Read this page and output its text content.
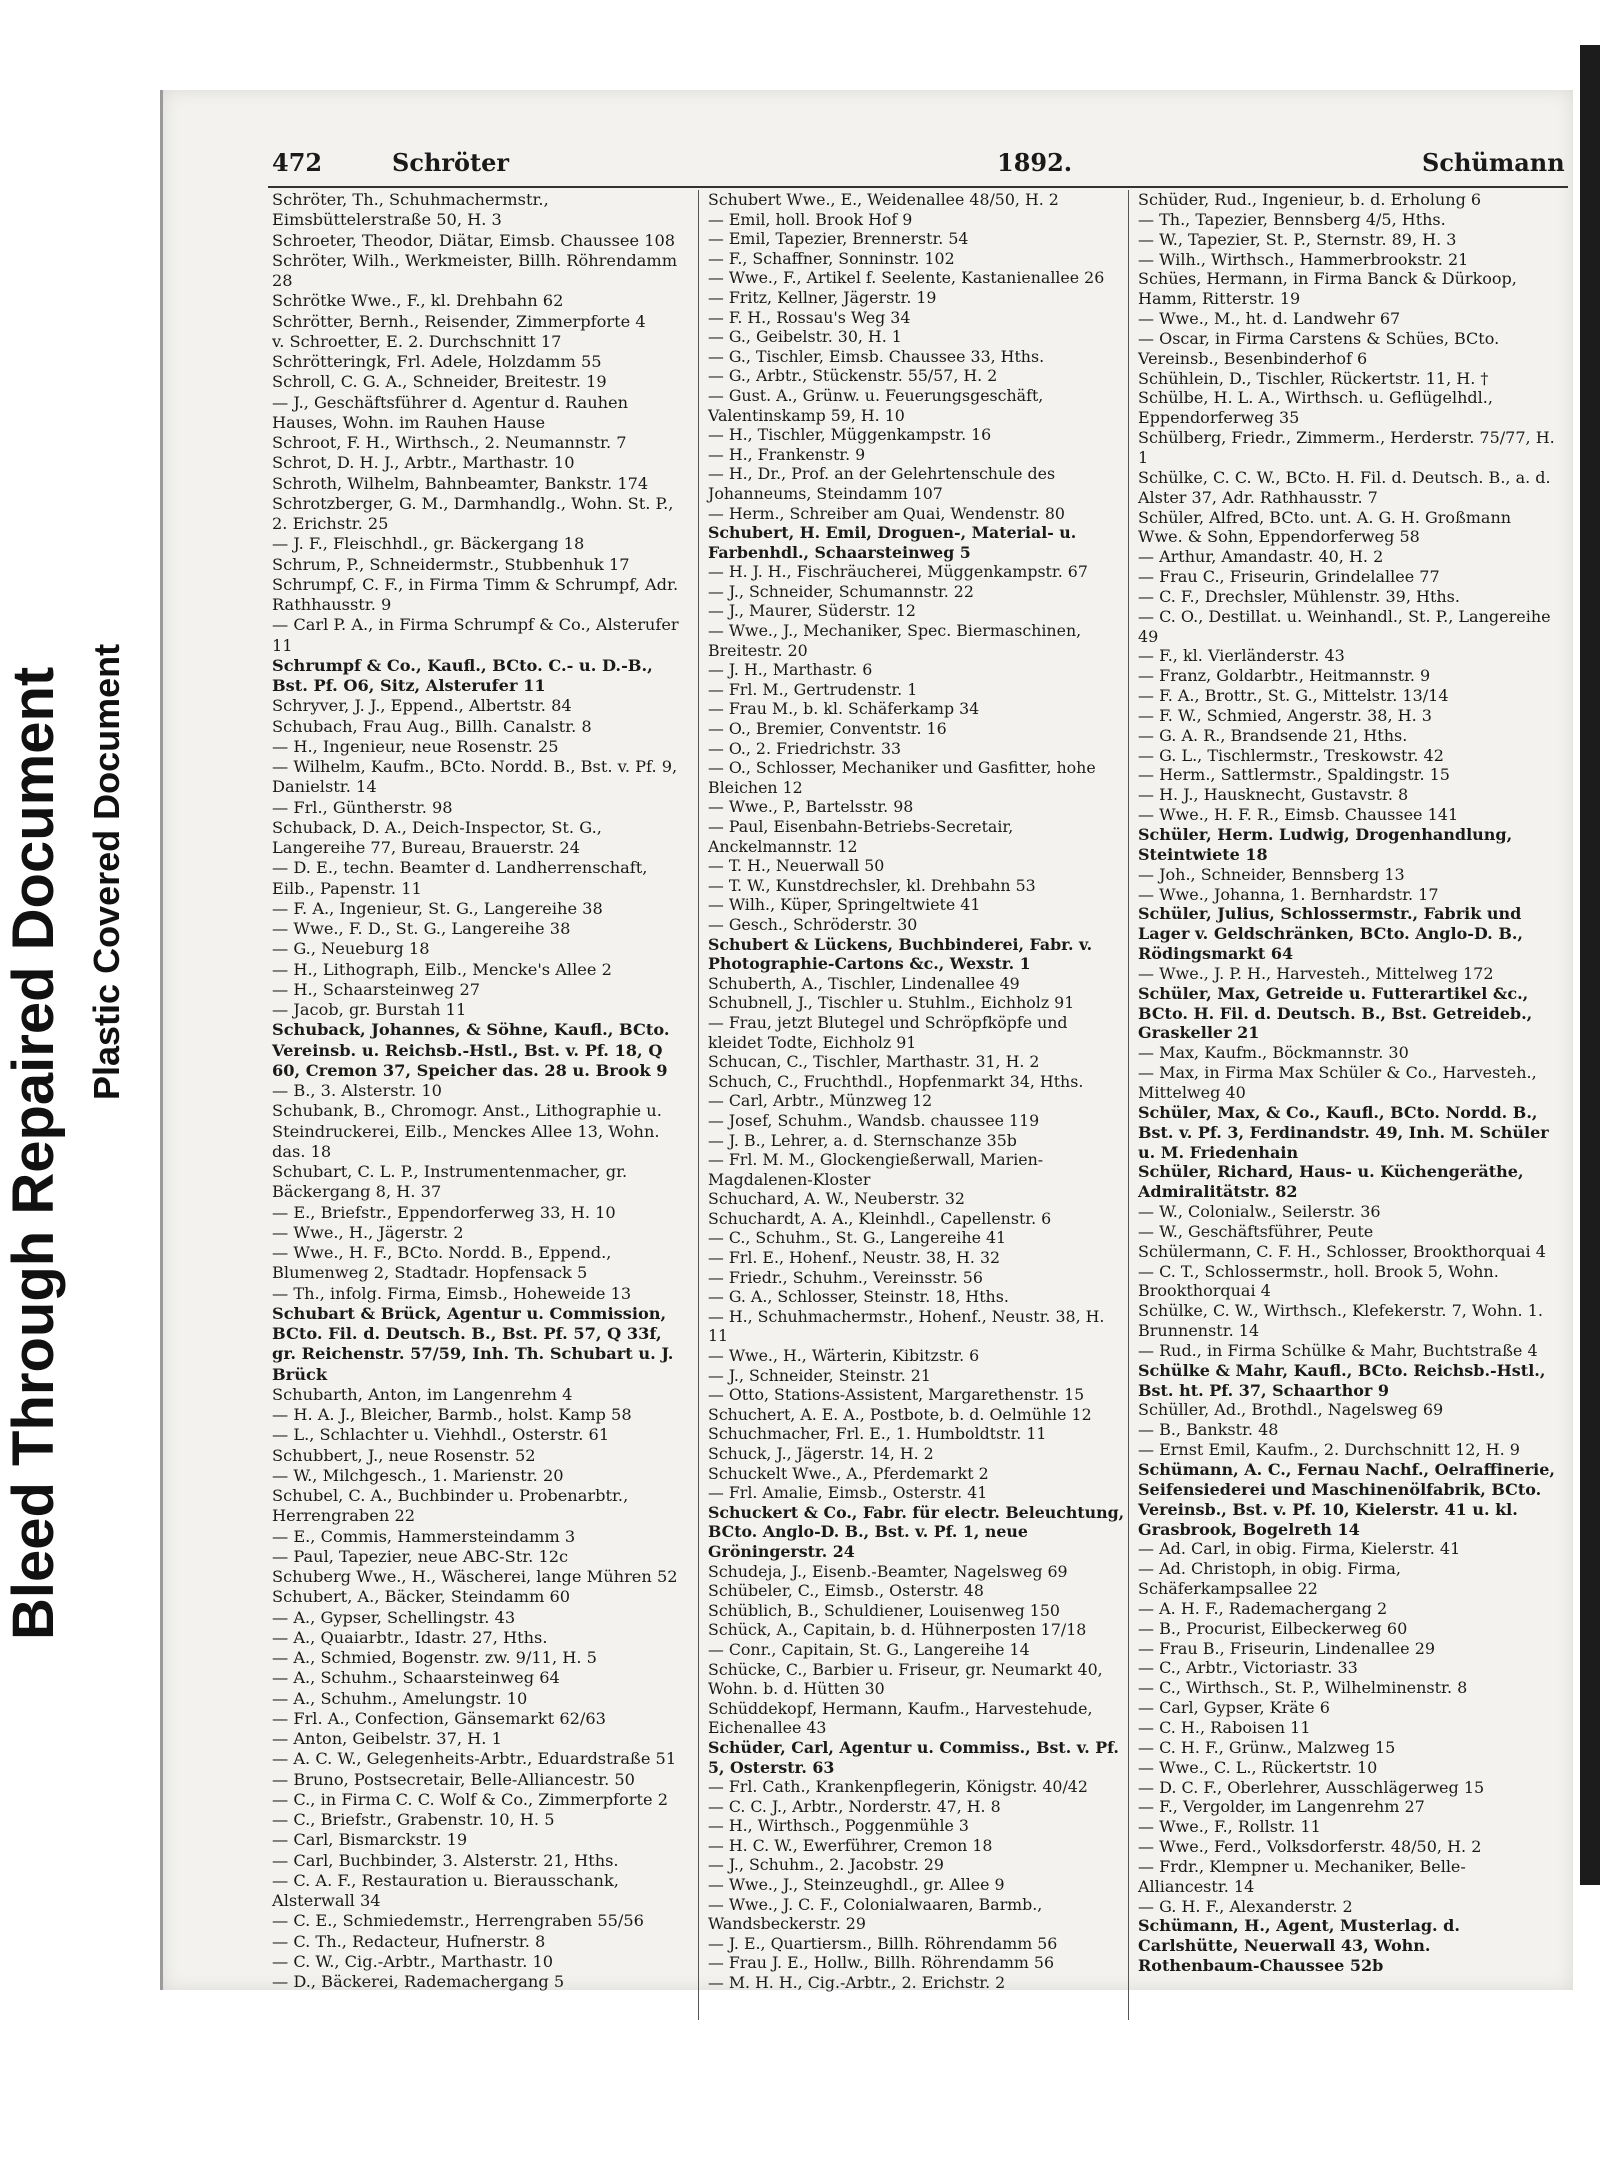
Bleed Through Repaired Document Plastic Covered Document
472	Schröter	1892.	Schümann
Schröter, Th., Schuhmachermstr., Eimsbüttelerstraße 50, H. 3
Schroeter, Theodor, Diätar, Eimsb. Chaussee 108
Schröter, Wilh., Werkmeister, Billh. Röhrendamm 28
Schrötke Wwe., F., kl. Drehbahn 62
Schrötter, Bernh., Reisender, Zimmerpforte 4
v. Schroetter, E. 2. Durchschnitt 17
Schrötteringk, Frl. Adele, Holzdamm 55
Schroll, C. G. A., Schneider, Breitestr. 19
— J., Geschäftsführer d. Agentur d. Rauhen Hauses, Wohn. im Rauhen Hause
Schroot, F. H., Wirthsch., 2. Neumannstr. 7
Schrot, D. H. J., Arbtr., Marthastr. 10
Schroth, Wilhelm, Bahnbeamter, Bankstr. 174
Schrotzberger, G. M., Darmhandlg., Wohn. St. P., 2. Erichstr. 25
— J. F., Fleischhdl., gr. Bäckergang 18
Schrum, P., Schneidermstr., Stubbenhuk 17
Schrumpf, C. F., in Firma Timm & Schrumpf, Adr. Rathhausstr. 9
— Carl P. A., in Firma Schrumpf & Co., Alsterufer 11
Schrumpf & Co., Kaufl., BCto. C.- u. D.-B., Bst. Pf. O6, Sitz, Alsterufer 11
Schryver, J. J., Eppend., Albertstr. 84
Schubach, Frau Aug., Billh. Canalstr. 8
— H., Ingenieur, neue Rosenstr. 25
— Wilhelm, Kaufm., BCto. Nordd. B., Bst. v. Pf. 9, Danielstr. 14
— Frl., Güntherstr. 98
Schuback, D. A., Deich-Inspector, St. G., Langereihe 77, Bureau, Brauerstr. 24
— D. E., techn. Beamter d. Landherrenschaft, Eilb., Papenstr. 11
— F. A., Ingenieur, St. G., Langereihe 38
— Wwe., F. D., St. G., Langereihe 38
— G., Neueburg 18
— H., Lithograph, Eilb., Mencke's Allee 2
— H., Schaarsteinweg 27
— Jacob, gr. Burstah 11
Schuback, Johannes, & Söhne, Kaufl., BCto. Vereinsb. u. Reichsb.-Hstl., Bst. v. Pf. 18, Q 60, Cremon 37, Speicher das. 28 u. Brook 9
— B., 3. Alsterstr. 10
Schubank, B., Chromogr. Anst., Lithographie u. Steindruckerei, Eilb., Menckes Allee 13, Wohn. das. 18
Schubart, C. L. P., Instrumentenmacher, gr. Bäckergang 8, H. 37
— E., Briefstr., Eppendorferweg 33, H. 10
— Wwe., H., Jägerstr. 2
— Wwe., H. F., BCto. Nordd. B., Eppend., Blumenweg 2, Stadtadr. Hopfensack 5
— Th., infolg. Firma, Eimsb., Hoheweide 13
Schubart & Brück, Agentur u. Commission, BCto. Fil. d. Deutsch. B., Bst. Pf. 57, Q 33f, gr. Reichenstr. 57/59, Inh. Th. Schubart u. J. Brück
Schubarth, Anton, im Langenrehm 4
— H. A. J., Bleicher, Barmb., holst. Kamp 58
— L., Schlachter u. Viehhdl., Osterstr. 61
Schubbert, J., neue Rosenstr. 52
— W., Milchgesch., 1. Marienstr. 20
Schubel, C. A., Buchbinder u. Probenarbtr., Herrengraben 22
— E., Commis, Hammersteindamm 3
— Paul, Tapezier, neue ABC-Str. 12c
Schuberg Wwe., H., Wäscherei, lange Mühren 52
Schubert, A., Bäcker, Steindamm 60
— A., Gypser, Schellingstr. 43
— A., Quaiarbtr., Idastr. 27, Hths.
— A., Schmied, Bogenstr. zw. 9/11, H. 5
— A., Schuhm., Schaarsteinweg 64
— A., Schuhm., Amelungstr. 10
— Frl. A., Confection, Gänsemarkt 62/63
— Anton, Geibelstr. 37, H. 1
— A. C. W., Gelegenheits-Arbtr., Eduardstraße 51
— Bruno, Postsecretair, Belle-Alliancestr. 50
— C., in Firma C. C. Wolf & Co., Zimmerpforte 2
— C., Briefstr., Grabenstr. 10, H. 5
— Carl, Bismarckstr. 19
— Carl, Buchbinder, 3. Alsterstr. 21, Hths.
— C. A. F., Restauration u. Bierausschank, Alsterwall 34
— C. E., Schmiedemstr., Herrengraben 55/56
— C. Th., Redacteur, Hufnerstr. 8
— C. W., Cig.-Arbtr., Marthastr. 10
— D., Bäckerei, Rademachergang 5
Schubert Wwe., E., Weidenallee 48/50, H. 2
— Emil, holl. Brook Hof 9
— Emil, Tapezier, Brennerstr. 54
— F., Schaffner, Sonninstr. 102
— Wwe., F., Artikel f. Seelente, Kastanienallee 26
— Fritz, Kellner, Jägerstr. 19
— F. H., Rossau's Weg 34
— G., Geibelstr. 30, H. 1
— G., Tischler, Eimsb. Chaussee 33, Hths.
— G., Arbtr., Stückenstr. 55/57, H. 2
— Gust. A., Grünw. u. Feuerungsgeschäft, Valentinskamp 59, H. 10
— H., Tischler, Müggenkampstr. 16
— H., Frankenstr. 9
— H., Dr., Prof. an der Gelehrtenschule des Johanneums, Steindamm 107
— Herm., Schreiber am Quai, Wendenstr. 80
Schubert, H. Emil, Droguen-, Material- u. Farbenhdl., Schaarsteinweg 5
— H. J. H., Fischräucherei, Müggenkampstr. 67
— J., Schneider, Schumannstr. 22
— J., Maurer, Süderstr. 12
— Wwe., J., Mechaniker, Spec. Biermaschinen, Breitestr. 20
— J. H., Marthastr. 6
— Frl. M., Gertrudenstr. 1
— Frau M., b. kl. Schäferkamp 34
— O., Bremier, Conventstr. 16
— O., 2. Friedrichstr. 33
— O., Schlosser, Mechaniker und Gasfitter, hohe Bleichen 12
— Wwe., P., Bartelsstr. 98
— Paul, Eisenbahn-Betriebs-Secretair, Anckelmannstr. 12
— T. H., Neuerwall 50
— T. W., Kunstdrechsler, kl. Drehbahn 53
— Wilh., Küper, Springeltwiete 41
— Gesch., Schröderstr. 30
Schubert & Lückens, Buchbinderei, Fabr. v. Photographie-Cartons &c., Wexstr. 1
Schuberth, A., Tischler, Lindenallee 49
Schubnell, J., Tischler u. Stuhlm., Eichholz 91
— Frau, jetzt Blutegel und Schröpfköpfe und kleidet Todte, Eichholz 91
Schucan, C., Tischler, Marthastr. 31, H. 2
Schuch, C., Fruchthdl., Hopfenmarkt 34, Hths.
— Carl, Arbtr., Münzweg 12
— Josef, Schuhm., Wandsb. chaussee 119
— J. B., Lehrer, a. d. Sternschanze 35b
— Frl. M. M., Glockengießerwall, Marien-Magdalenen-Kloster
Schuchard, A. W., Neuberstr. 32
Schuchardt, A. A., Kleinhdl., Capellenstr. 6
— C., Schuhm., St. G., Langereihe 41
— Frl. E., Hohenf., Neustr. 38, H. 32
— Friedr., Schuhm., Vereinsstr. 56
— G. A., Schlosser, Steinstr. 18, Hths.
— H., Schuhmachermstr., Hohenf., Neustr. 38, H. 11
— Wwe., H., Wärterin, Kibitzstr. 6
— J., Schneider, Steinstr. 21
— Otto, Stations-Assistent, Margarethenstr. 15
Schuchert, A. E. A., Postbote, b. d. Oelmühle 12
Schuchmacher, Frl. E., 1. Humboldtstr. 11
Schuck, J., Jägerstr. 14, H. 2
Schuckelt Wwe., A., Pferdemarkt 2
— Frl. Amalie, Eimsb., Osterstr. 41
Schuckert & Co., Fabr. für electr. Beleuchtung, BCto. Anglo-D. B., Bst. v. Pf. 1, neue Gröningerstr. 24
Schudeja, J., Eisenb.-Beamter, Nagelsweg 69
Schübeler, C., Eimsb., Osterstr. 48
Schüblich, B., Schuldiener, Louisenweg 150
Schück, A., Capitain, b. d. Hühnerposten 17/18
— Conr., Capitain, St. G., Langereihe 14
Schücke, C., Barbier u. Friseur, gr. Neumarkt 40, Wohn. b. d. Hütten 30
Schüddekopf, Hermann, Kaufm., Harvestehude, Eichenallee 43
Schüder, Carl, Agentur u. Commiss., Bst. v. Pf. 5, Osterstr. 63
— Frl. Cath., Krankenpflegerin, Königstr. 40/42
— C. C. J., Arbtr., Norderstr. 47, H. 8
— H., Wirthsch., Poggenmühle 3
— H. C. W., Ewerführer, Cremon 18
— J., Schuhm., 2. Jacobstr. 29
— Wwe., J., Steinzeughdl., gr. Allee 9
— Wwe., J. C. F., Colonialwaaren, Barmb., Wandsbeckerstr. 29
— J. E., Quartiersm., Billh. Röhrendamm 56
— Frau J. E., Hollw., Billh. Röhrendamm 56
— M. H. H., Cig.-Arbtr., 2. Erichstr. 2
Schüder, Rud., Ingenieur, b. d. Erholung 6
— Th., Tapezier, Bennsberg 4/5, Hths.
— W., Tapezier, St. P., Sternstr. 89, H. 3
— Wilh., Wirthsch., Hammerbrookstr. 21
Schües, Hermann, in Firma Banck & Dürkoop, Hamm, Ritterstr. 19
— Wwe., M., ht. d. Landwehr 67
— Oscar, in Firma Carstens & Schües, BCto. Vereinsb., Besenbinderhof 6
Schühlein, D., Tischler, Rückertstr. 11, H. †
Schülbe, H. L. A., Wirthsch. u. Geflügelhdl., Eppendorferweg 35
Schülberg, Friedr., Zimmerm., Herderstr. 75/77, H. 1
Schülke, C. C. W., BCto. H. Fil. d. Deutsch. B., a. d. Alster 37, Adr. Rathhausstr. 7
Schüler, Alfred, BCto. unt. A. G. H. Großmann Wwe. & Sohn, Eppendorferweg 58
— Arthur, Amandastr. 40, H. 2
— Frau C., Friseurin, Grindelallee 77
— C. F., Drechsler, Mühlenstr. 39, Hths.
— C. O., Destillat. u. Weinhandl., St. P., Langereihe 49
— F., kl. Vierländerstr. 43
— Franz, Goldarbtr., Heitmannstr. 9
— F. A., Brottr., St. G., Mittelstr. 13/14
— F. W., Schmied, Angerstr. 38, H. 3
— G. A. R., Brandsende 21, Hths.
— G. L., Tischlermstr., Treskowstr. 42
— Herm., Sattlermstr., Spaldingstr. 15
— H. J., Hausknecht, Gustavstr. 8
— Wwe., H. F. R., Eimsb. Chaussee 141
Schüler, Herm. Ludwig, Drogenhandlung, Steintwiete 18
— Joh., Schneider, Bennsberg 13
— Wwe., Johanna, 1. Bernhardstr. 17
Schüler, Julius, Schlossermstr., Fabrik und Lager v. Geldschränken, BCto. Anglo-D. B., Rödingsmarkt 64
— Wwe., J. P. H., Harvesteh., Mittelweg 172
Schüler, Max, Getreide u. Futterartikel &c., BCto. H. Fil. d. Deutsch. B., Bst. Getreideb., Graskeller 21
— Max, Kaufm., Böckmannstr. 30
— Max, in Firma Max Schüler & Co., Harvesteh., Mittelweg 40
Schüler, Max, & Co., Kaufl., BCto. Nordd. B., Bst. v. Pf. 3, Ferdinandstr. 49, Inh. M. Schüler u. M. Friedenhain
Schüler, Richard, Haus- u. Küchengeräthe, Admiralitätstr. 82
— W., Colonialw., Seilerstr. 36
— W., Geschäftsführer, Peute
Schülermann, C. F. H., Schlosser, Brookthorquai 4
— C. T., Schlossermstr., holl. Brook 5, Wohn. Brookthorquai 4
Schülke, C. W., Wirthsch., Klefekerstr. 7, Wohn. 1. Brunnenstr. 14
— Rud., in Firma Schülke & Mahr, Buchtstraße 4
Schülke & Mahr, Kaufl., BCto. Reichsb.-Hstl., Bst. ht. Pf. 37, Schaarthor 9
Schüller, Ad., Brothdl., Nagelsweg 69
— B., Bankstr. 48
— Ernst Emil, Kaufm., 2. Durchschnitt 12, H. 9
Schümann, A. C., Fernau Nachf., Oelraffinerie, Seifensiederei und Maschinenölfabrik, BCto. Vereinsb., Bst. v. Pf. 10, Kielerstr. 41 u. kl. Grasbrook, Bogelreth 14
— Ad. Carl, in obig. Firma, Kielerstr. 41
— Ad. Christoph, in obig. Firma, Schäferkampsallee 22
— A. H. F., Rademachergang 2
— B., Procurist, Eilbeckerweg 60
— Frau B., Friseurin, Lindenallee 29
— C., Arbtr., Victoriastr. 33
— C., Wirthsch., St. P., Wilhelminenstr. 8
— Carl, Gypser, Kräte 6
— C. H., Raboisen 11
— C. H. F., Grünw., Malzweg 15
— Wwe., C. L., Rückertstr. 10
— D. C. F., Oberlehrer, Ausschlägerweg 15
— F., Vergolder, im Langenrehm 27
— Wwe., F., Rollstr. 11
— Wwe., Ferd., Volksdorferstr. 48/50, H. 2
— Frdr., Klempner u. Mechaniker, Belle-Alliancestr. 14
— G. H. F., Alexanderstr. 2
Schümann, H., Agent, Musterlag. d. Carlshütte, Neuerwall 43, Wohn. Rothenbaum-Chaussee 52b
